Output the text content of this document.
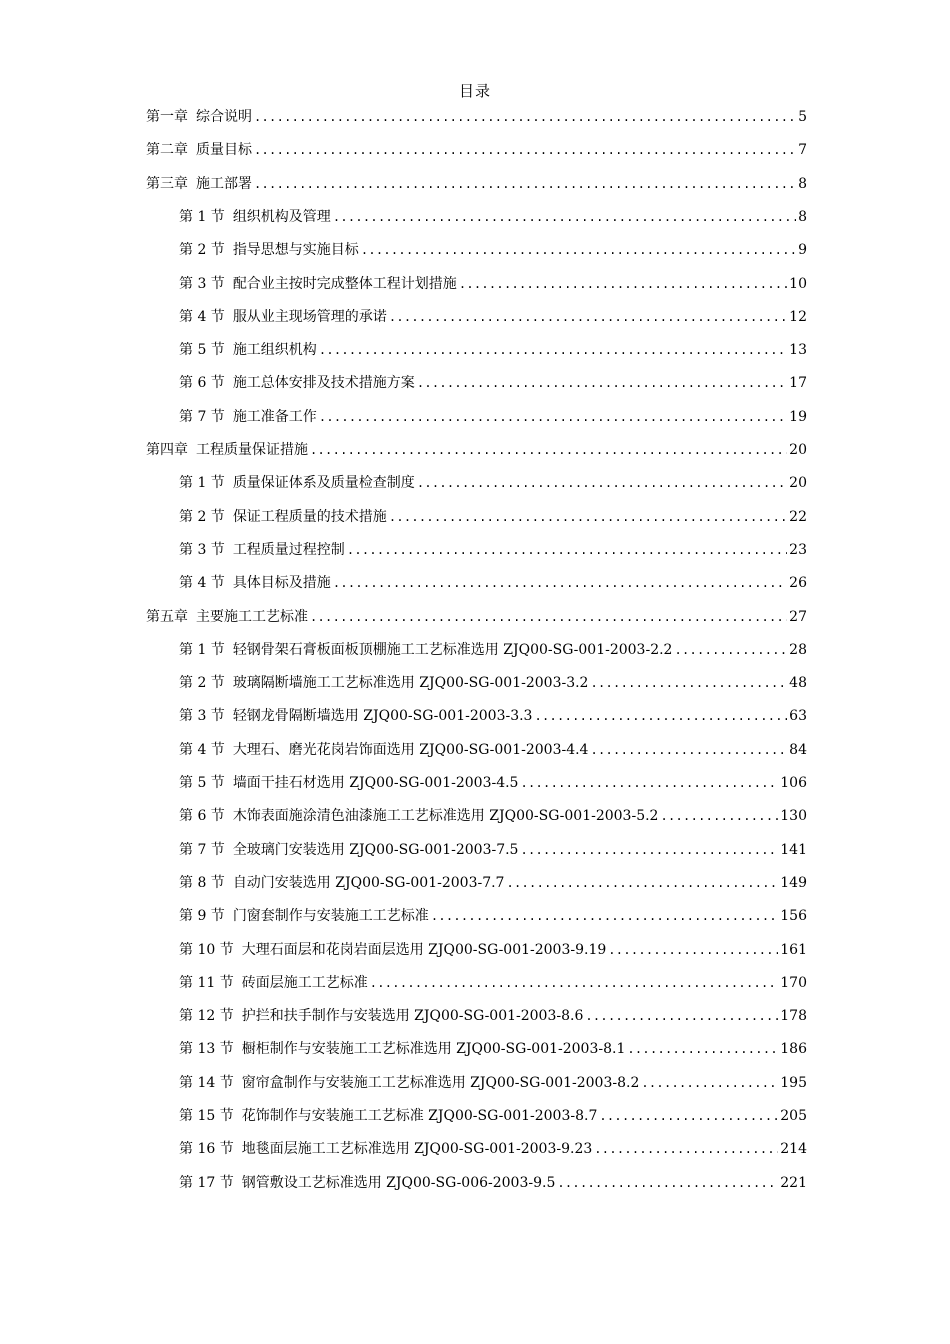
目录
第一章 综合说明 .....	5
第二章 质量目标 .....	7
第三章 施工部署 .....	8
第 1 节 组织机构及管理 .....	8
第 2 节 指导思想与实施目标 .....	9
第 3 节 配合业主按时完成整体工程计划措施 .....	10
第 4 节 服从业主现场管理的承诺 .....	12
第 5 节 施工组织机构 .....	13
第 6 节 施工总体安排及技术措施方案 .....	17
第 7 节 施工准备工作 .....	19
第四章 工程质量保证措施 .....	20
第 1 节 质量保证体系及质量检查制度 .....	20
第 2 节 保证工程质量的技术措施 .....	22
第 3 节 工程质量过程控制 .....	23
第 4 节 具体目标及措施 .....	26
第五章 主要施工工艺标准 .....	27
第 1 节 轻钢骨架石膏板面板顶棚施工工艺标准选用 ZJQ00-SG-001-2003-2.2 .....	28
第 2 节 玻璃隔断墙施工工艺标准选用 ZJQ00-SG-001-2003-3.2 .....	48
第 3 节 轻钢龙骨隔断墙选用 ZJQ00-SG-001-2003-3.3 .....	63
第 4 节 大理石、磨光花岗岩饰面选用 ZJQ00-SG-001-2003-4.4 .....	84
第 5 节 墙面干挂石材选用 ZJQ00-SG-001-2003-4.5 .....	106
第 6 节 木饰表面施涂清色油漆施工工艺标准选用 ZJQ00-SG-001-2003-5.2 .....	130
第 7 节 全玻璃门安装选用 ZJQ00-SG-001-2003-7.5 .....	141
第 8 节 自动门安装选用 ZJQ00-SG-001-2003-7.7 .....	149
第 9 节 门窗套制作与安装施工工艺标准 .....	156
第 10 节 大理石面层和花岗岩面层选用 ZJQ00-SG-001-2003-9.19 .....	161
第 11 节 砖面层施工工艺标准 .....	170
第 12 节 护拦和扶手制作与安装选用 ZJQ00-SG-001-2003-8.6 .....	178
第 13 节 橱柜制作与安装施工工艺标准选用 ZJQ00-SG-001-2003-8.1 .....	186
第 14 节 窗帘盒制作与安装施工工艺标准选用 ZJQ00-SG-001-2003-8.2 .....	195
第 15 节 花饰制作与安装施工工艺标准 ZJQ00-SG-001-2003-8.7 .....	205
第 16 节 地毯面层施工工艺标准选用 ZJQ00-SG-001-2003-9.23 .....	214
第 17 节 钢管敷设工艺标准选用 ZJQ00-SG-006-2003-9.5 .....	221
